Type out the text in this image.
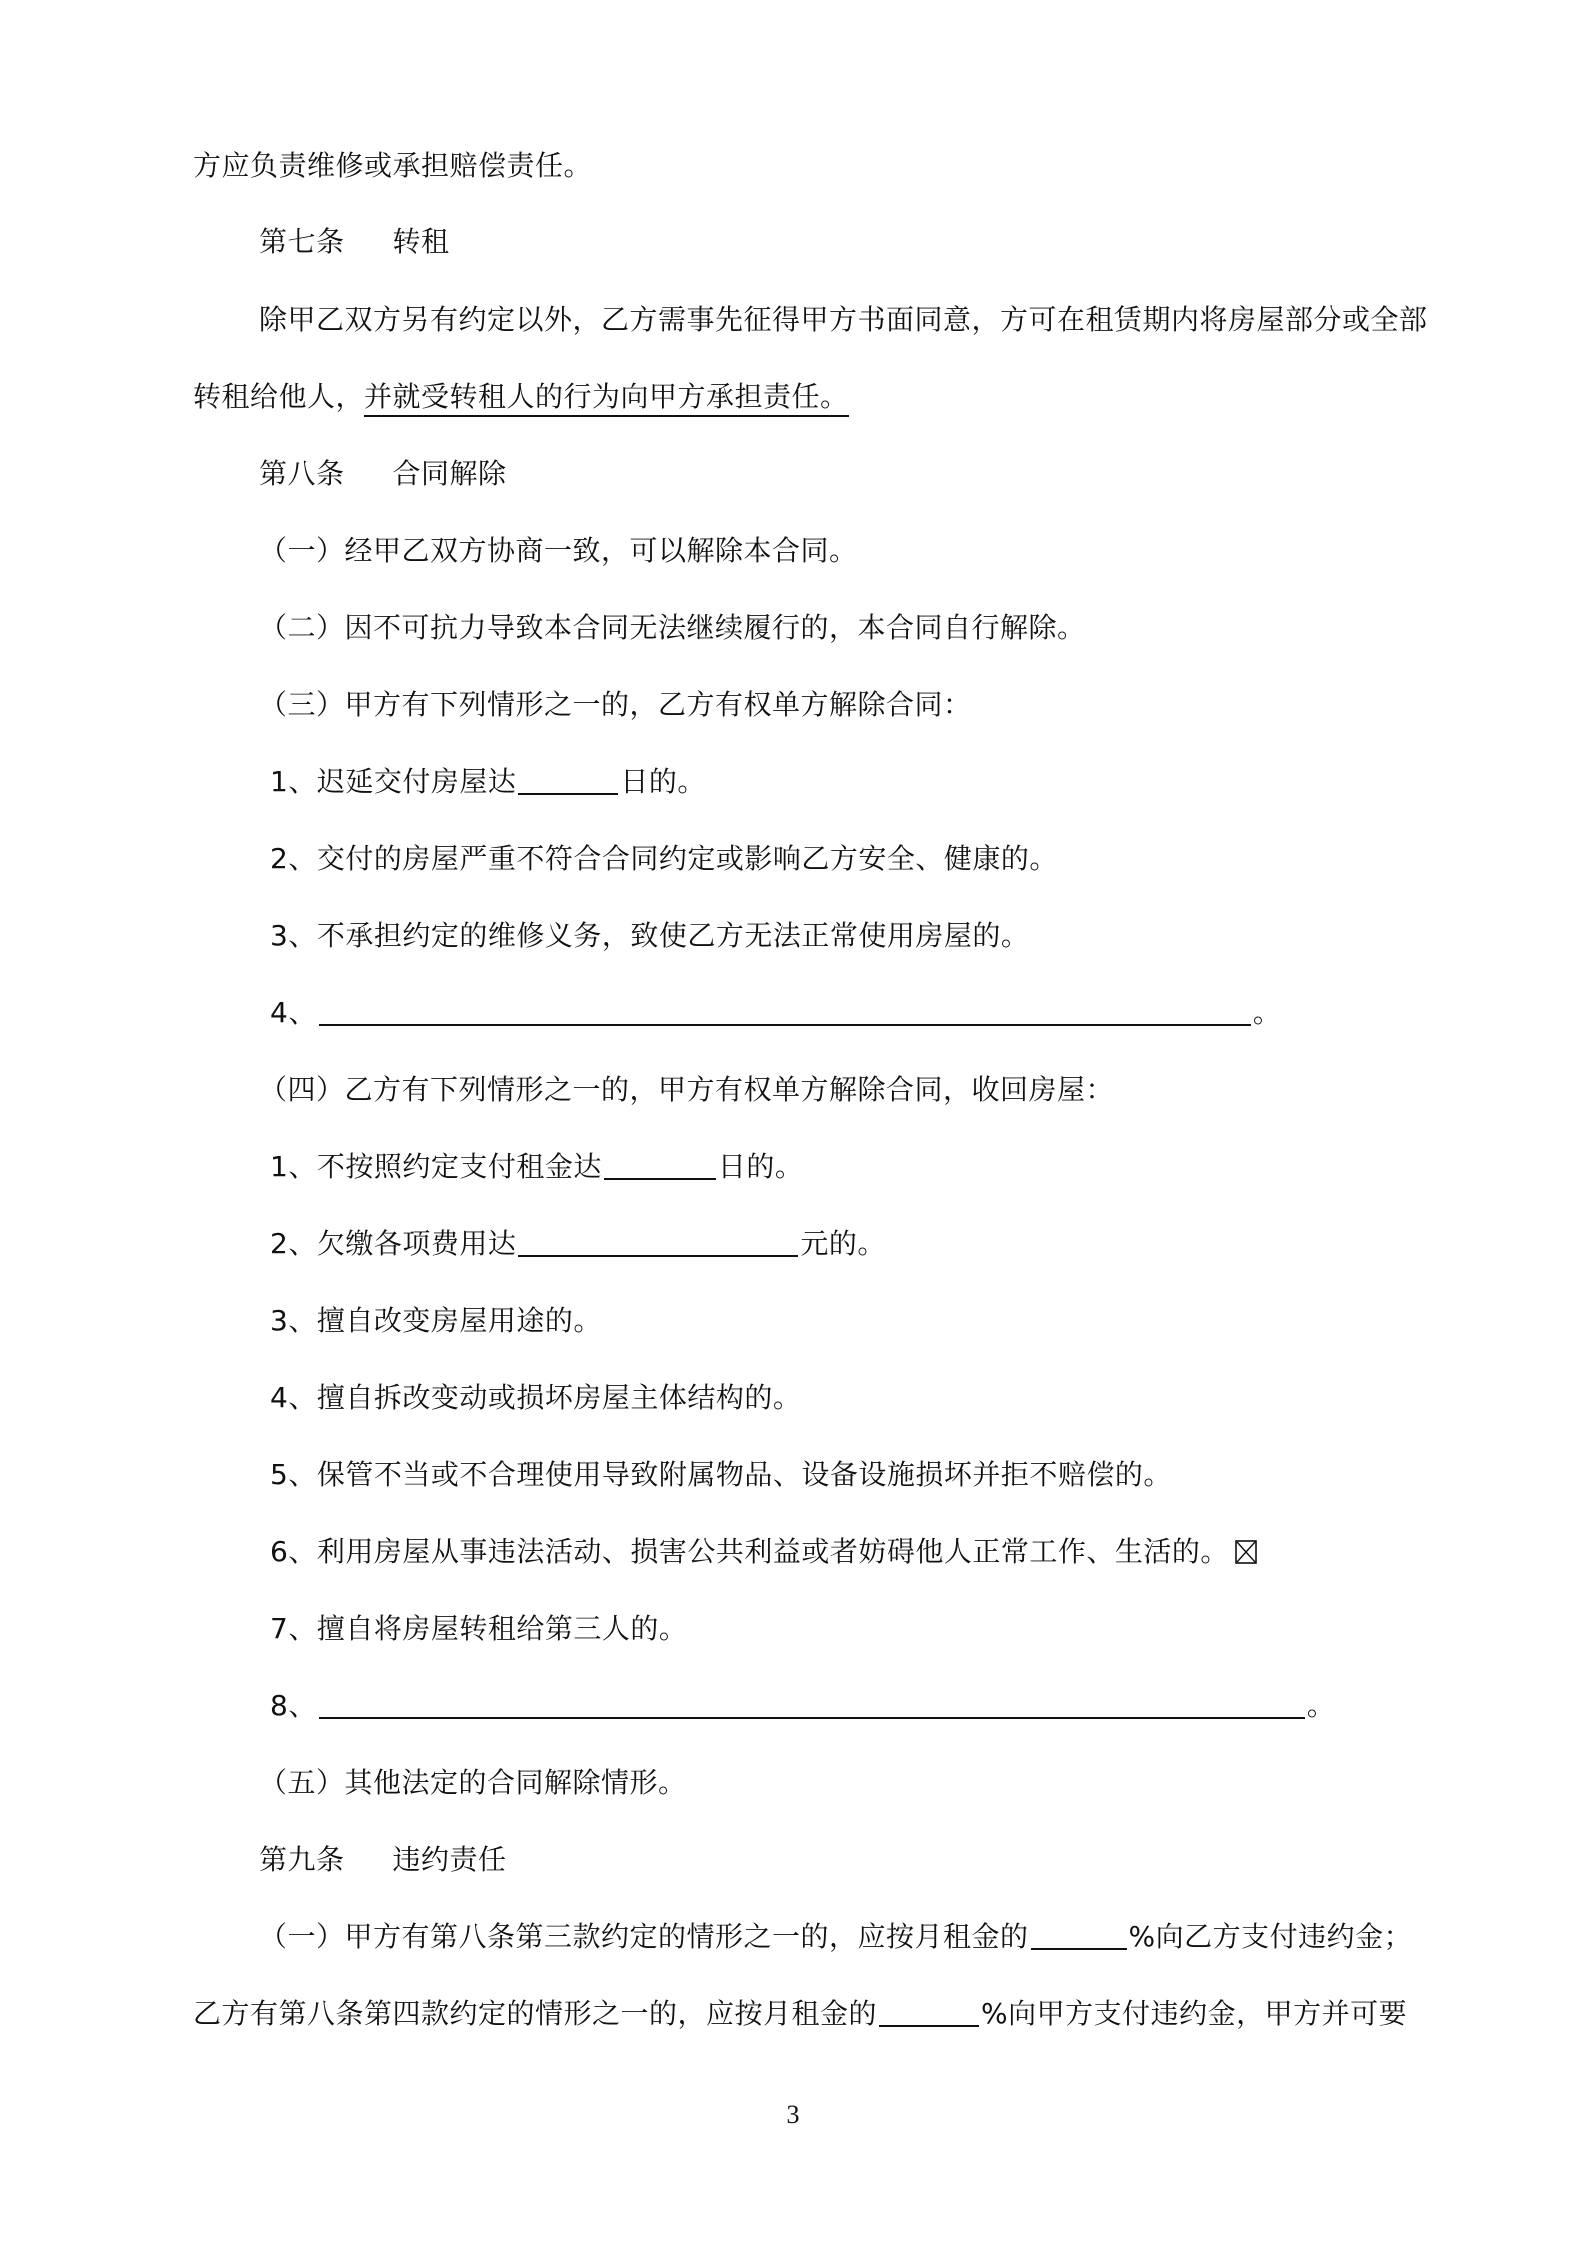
方应负责维修或承担赔偿责任。
第七条 转租
除甲乙双方另有约定以外，乙方需事先征得甲方书面同意，方可在租赁期内将房屋部分或全部
转租给他人，并就受转租人的行为向甲方承担责任。
第八条 合同解除
（一）经甲乙双方协商一致，可以解除本合同。
（二）因不可抗力导致本合同无法继续履行的，本合同自行解除。
（三）甲方有下列情形之一的，乙方有权单方解除合同：
1、迟延交付房屋达	日的。
2、交付的房屋严重不符合合同约定或影响乙方安全、健康的。
3、不承担约定的维修义务，致使乙方无法正常使用房屋的。
4、	。
（四）乙方有下列情形之一的，甲方有权单方解除合同，收回房屋：
1、不按照约定支付租金达	日的。
2、欠缴各项费用达	元的。
3、擅自改变房屋用途的。
4、擅自拆改变动或损坏房屋主体结构的。
5、保管不当或不合理使用导致附属物品、设备设施损坏并拒不赔偿的。
6、利用房屋从事违法活动、损害公共利益或者妨碍他人正常工作、生活的。
7、擅自将房屋转租给第三人的。
8、	。
（五）其他法定的合同解除情形。
第九条 违约责任
（一）甲方有第八条第三款约定的情形之一的，应按月租金的	%向乙方支付违约金；
乙方有第八条第四款约定的情形之一的，应按月租金的	%向甲方支付违约金，甲方并可要
3
